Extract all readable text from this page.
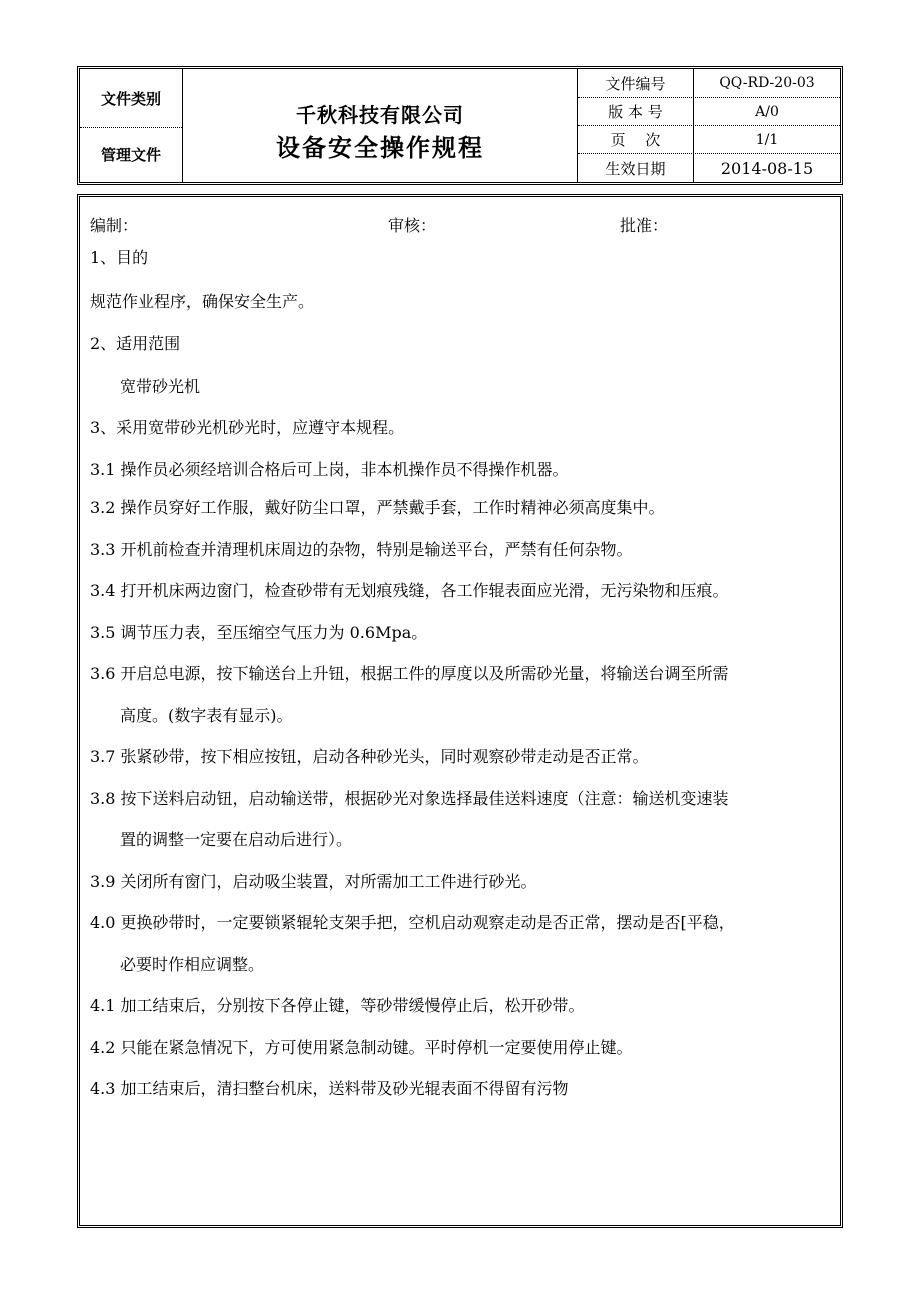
文件类别
管理文件
千秋科技有限公司
设备安全操作规程
文件编号	QQ-RD-20-03
版 本 号	A/0
页　 次	1/1
生效日期	2014-08-15
编制：	审核：	批准：
1、目的
规范作业程序，确保安全生产。
2、适用范围
宽带砂光机
3、采用宽带砂光机砂光时，应遵守本规程。
3.1 操作员必须经培训合格后可上岗，非本机操作员不得操作机器。
3.2 操作员穿好工作服，戴好防尘口罩，严禁戴手套，工作时精神必须高度集中。
3.3 开机前检查并清理机床周边的杂物，特别是输送平台，严禁有任何杂物。
3.4 打开机床两边窗门，检查砂带有无划痕残缝，各工作辊表面应光滑，无污染物和压痕。
3.5 调节压力表，至压缩空气压力为 0.6Mpa。
3.6 开启总电源，按下输送台上升钮，根据工件的厚度以及所需砂光量，将输送台调至所需
高度。(数字表有显示)。
3.7 张紧砂带，按下相应按钮，启动各种砂光头，同时观察砂带走动是否正常。
3.8 按下送料启动钮，启动输送带，根据砂光对象选择最佳送料速度（注意：输送机变速装
置的调整一定要在启动后进行）。
3.9 关闭所有窗门，启动吸尘装置，对所需加工工件进行砂光。
4.0 更换砂带时，一定要锁紧辊轮支架手把，空机启动观察走动是否正常，摆动是否[平稳，
必要时作相应调整。
4.1 加工结束后，分别按下各停止键，等砂带缓慢停止后，松开砂带。
4.2 只能在紧急情况下，方可使用紧急制动键。平时停机一定要使用停止键。
4.3 加工结束后，清扫整台机床，送料带及砂光辊表面不得留有污物
